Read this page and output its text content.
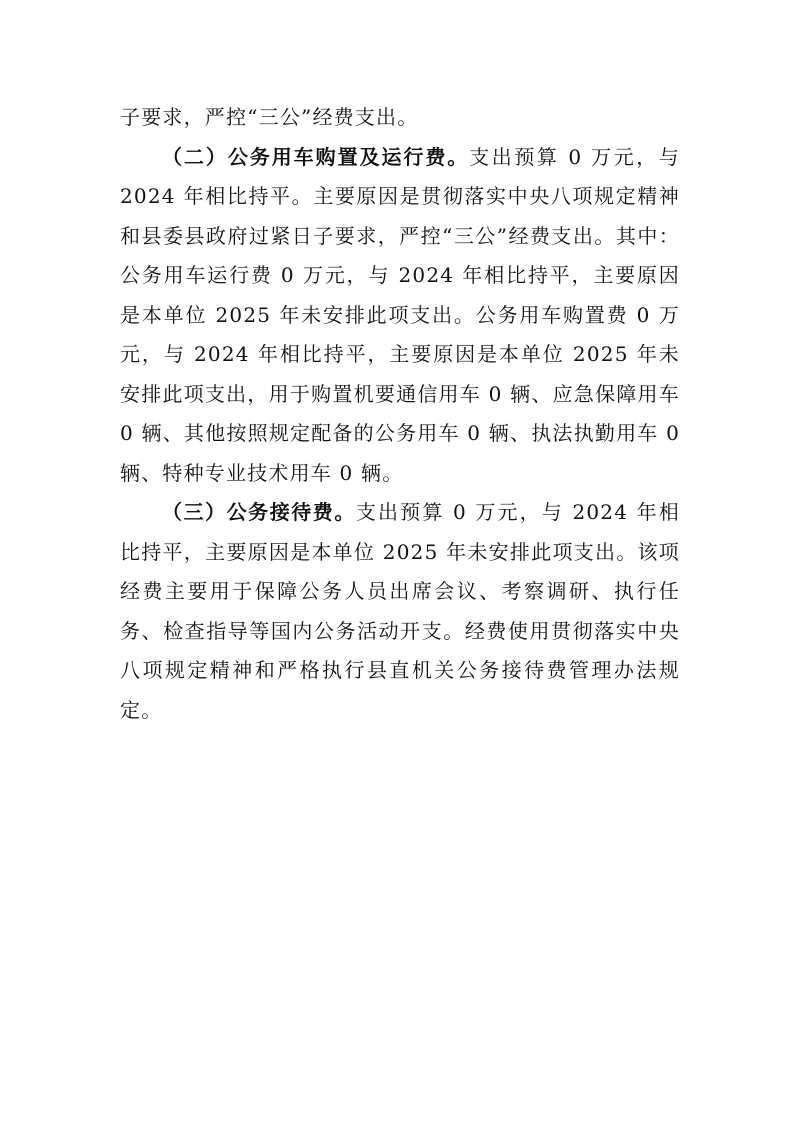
子要求，严控“三公”经费支出。

（二）公务用车购置及运行费。支出预算 0 万元，与 2024 年相比持平。主要原因是贯彻落实中央八项规定精神和县委县政府过紧日子要求，严控“三公”经费支出。其中：公务用车运行费 0 万元，与 2024 年相比持平，主要原因是本单位 2025 年未安排此项支出。公务用车购置费 0 万元，与 2024 年相比持平，主要原因是本单位 2025 年未安排此项支出，用于购置机要通信用车 0 辆、应急保障用车 0 辆、其他按照规定配备的公务用车 0 辆、执法执勤用车 0 辆、特种专业技术用车 0 辆。

（三）公务接待费。支出预算 0 万元，与 2024 年相比持平，主要原因是本单位 2025 年未安排此项支出。该项经费主要用于保障公务人员出席会议、考察调研、执行任务、检查指导等国内公务活动开支。经费使用贯彻落实中央八项规定精神和严格执行县直机关公务接待费管理办法规定。
